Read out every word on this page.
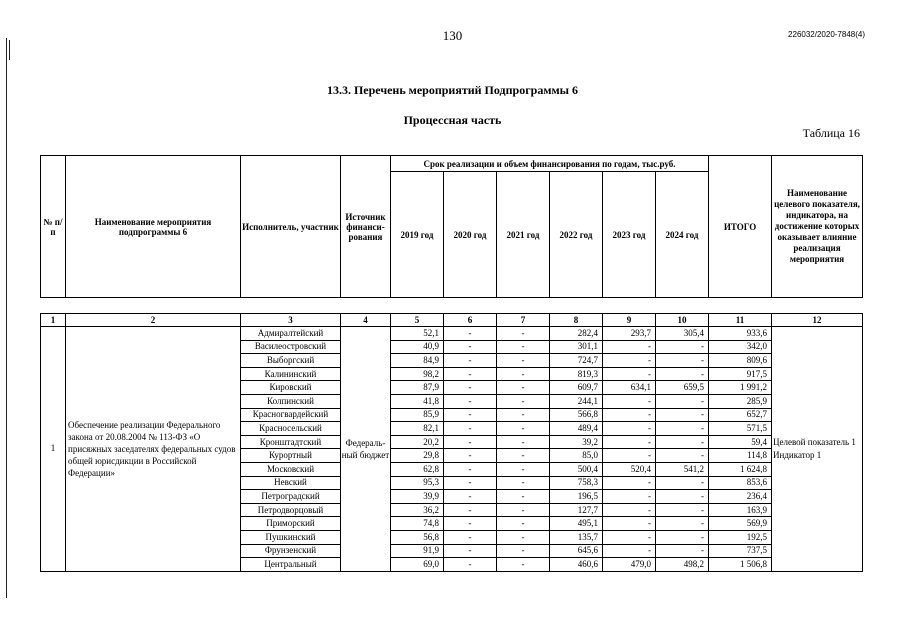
130	226032/2020-7848(4)
13.3. Перечень мероприятий Подпрограммы 6
Процессная часть
Таблица 16
№ п/п	Наименование мероприятия подпрограммы 6	Исполнитель, участник	Источник финанси-рования	Срок реализации и объем финансирования по годам, тыс.руб.						ИТОГО	Наименование целевого показателя, индикатора, на достижение которых оказывает влияние реализация мероприятия
				2019 год	2020 год	2021 год	2022 год	2023 год	2024 год		
1	2	3	4	5	6	7	8	9	10	11	12
1	Обеспечение реализации Федерального закона от 20.08.2004 № 113-ФЗ «О присяжных заседателях федеральных судов общей юрисдикции в Российской Федерации»	Адмиралтейский	Федераль-ный бюджет	52,1	-	-	282,4	293,7	305,4	933,6	Целевой показатель 1 Индикатор 1
		Василеостровский		40,9	-	-	301,1	-	-	342,0	
		Выборгский		84,9	-	-	724,7	-	-	809,6	
		Калининский		98,2	-	-	819,3	-	-	917,5	
		Кировский		87,9	-	-	609,7	634,1	659,5	1 991,2	
		Колпинский		41,8	-	-	244,1	-	-	285,9	
		Красногвардейский		85,9	-	-	566,8	-	-	652,7	
		Красносельский		82,1	-	-	489,4	-	-	571,5	
		Кронштадтский		20,2	-	-	39,2	-	-	59,4	
		Курортный		29,8	-	-	85,0	-	-	114,8	
		Московский		62,8	-	-	500,4	520,4	541,2	1 624,8	
		Невский		95,3	-	-	758,3	-	-	853,6	
		Петроградский		39,9	-	-	196,5	-	-	236,4	
		Петродворцовый		36,2	-	-	127,7	-	-	163,9	
		Приморский		74,8	-	-	495,1	-	-	569,9	
		Пушкинский		56,8	-	-	135,7	-	-	192,5	
		Фрунзенский		91,9	-	-	645,6	-	-	737,5	
		Центральный		69,0	-	-	460,6	479,0	498,2	1 506,8	
